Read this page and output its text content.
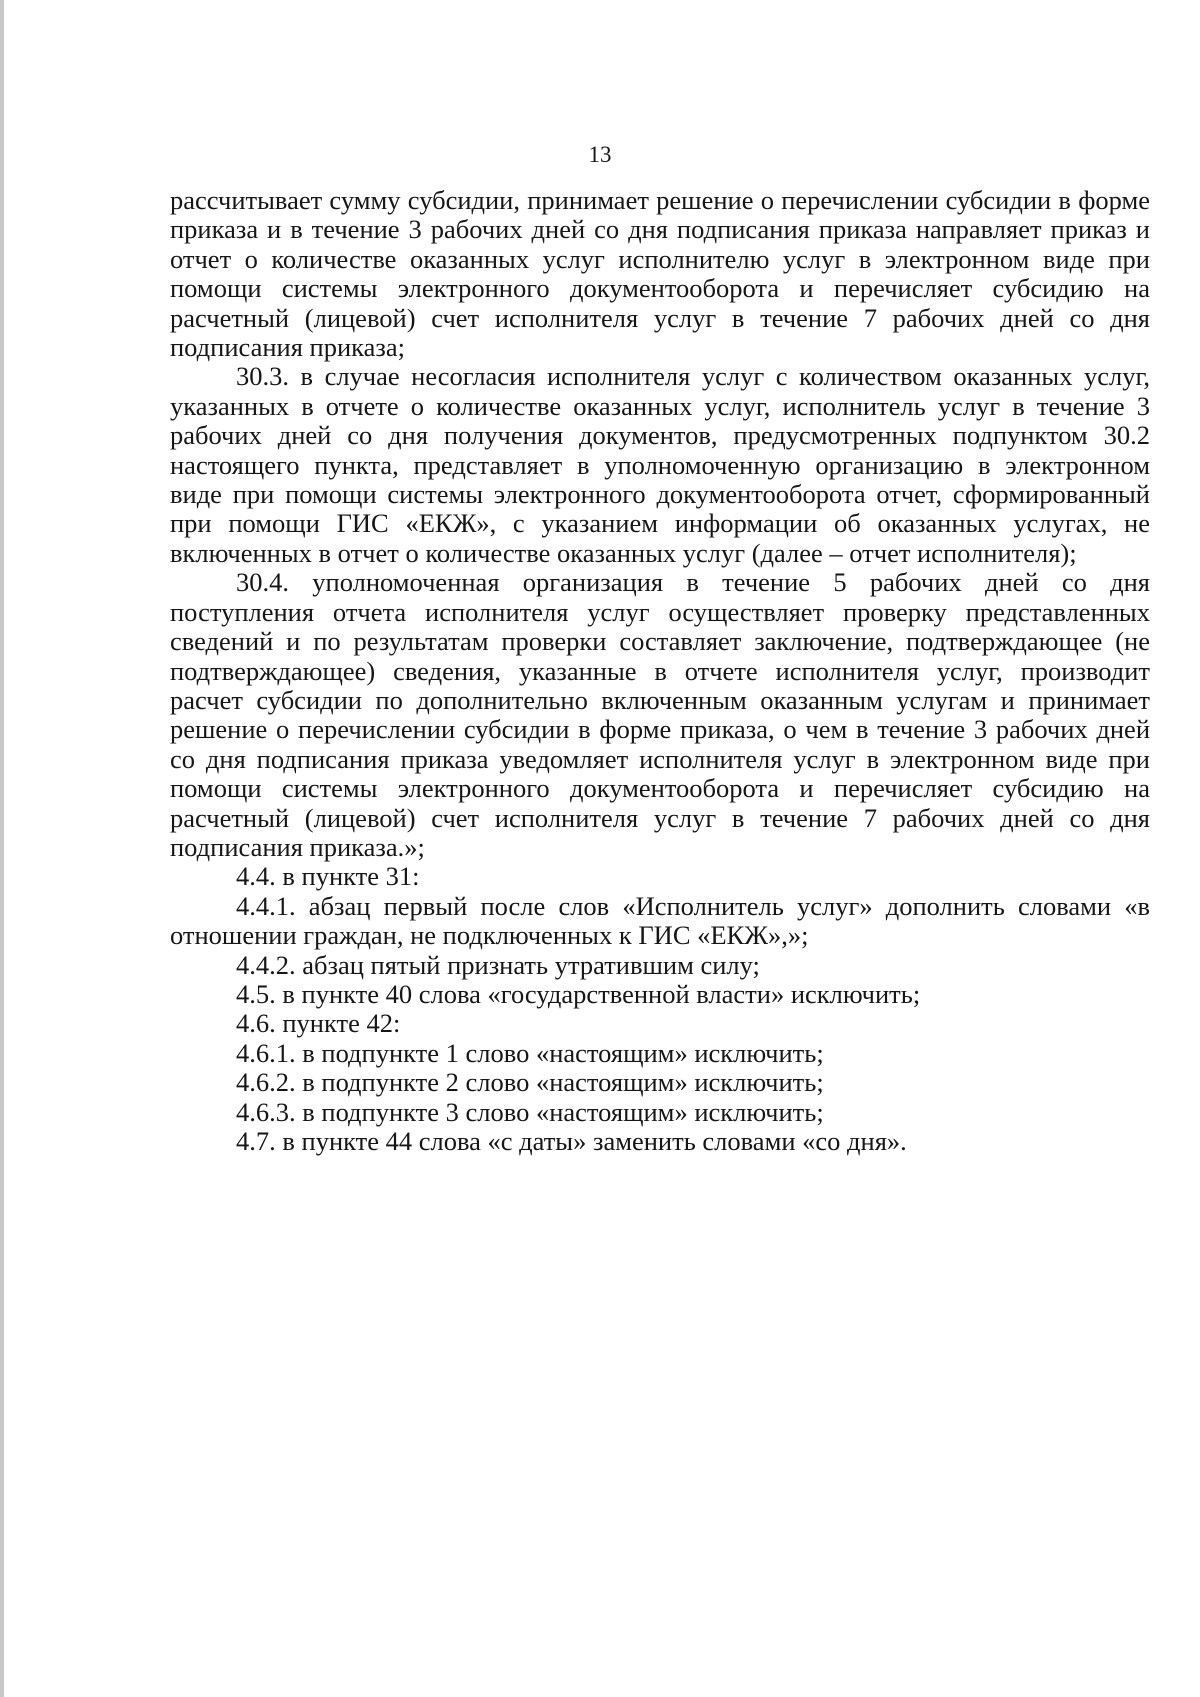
13

рассчитывает сумму субсидии, принимает решение о перечислении субсидии в форме приказа и в течение 3 рабочих дней со дня подписания приказа направляет приказ и отчет о количестве оказанных услуг исполнителю услуг в электронном виде при помощи системы электронного документооборота и перечисляет субсидию на расчетный (лицевой) счет исполнителя услуг в течение 7 рабочих дней со дня подписания приказа;

30.3. в случае несогласия исполнителя услуг с количеством оказанных услуг, указанных в отчете о количестве оказанных услуг, исполнитель услуг в течение 3 рабочих дней со дня получения документов, предусмотренных подпунктом 30.2 настоящего пункта, представляет в уполномоченную организацию в электронном виде при помощи системы электронного документооборота отчет, сформированный при помощи ГИС «ЕКЖ», с указанием информации об оказанных услугах, не включенных в отчет о количестве оказанных услуг (далее – отчет исполнителя);

30.4. уполномоченная организация в течение 5 рабочих дней со дня поступления отчета исполнителя услуг осуществляет проверку представленных сведений и по результатам проверки составляет заключение, подтверждающее (не подтверждающее) сведения, указанные в отчете исполнителя услуг, производит расчет субсидии по дополнительно включенным оказанным услугам и принимает решение о перечислении субсидии в форме приказа, о чем в течение 3 рабочих дней со дня подписания приказа уведомляет исполнителя услуг в электронном виде при помощи системы электронного документооборота и перечисляет субсидию на расчетный (лицевой) счет исполнителя услуг в течение 7 рабочих дней со дня подписания приказа.»;

4.4. в пункте 31:

4.4.1. абзац первый после слов «Исполнитель услуг» дополнить словами «в отношении граждан, не подключенных к ГИС «ЕКЖ»,»;

4.4.2. абзац пятый признать утратившим силу;

4.5. в пункте 40 слова «государственной власти» исключить;

4.6. пункте 42:

4.6.1. в подпункте 1 слово «настоящим» исключить;

4.6.2. в подпункте 2 слово «настоящим» исключить;

4.6.3. в подпункте 3 слово «настоящим» исключить;

4.7. в пункте 44 слова «с даты» заменить словами «со дня».
